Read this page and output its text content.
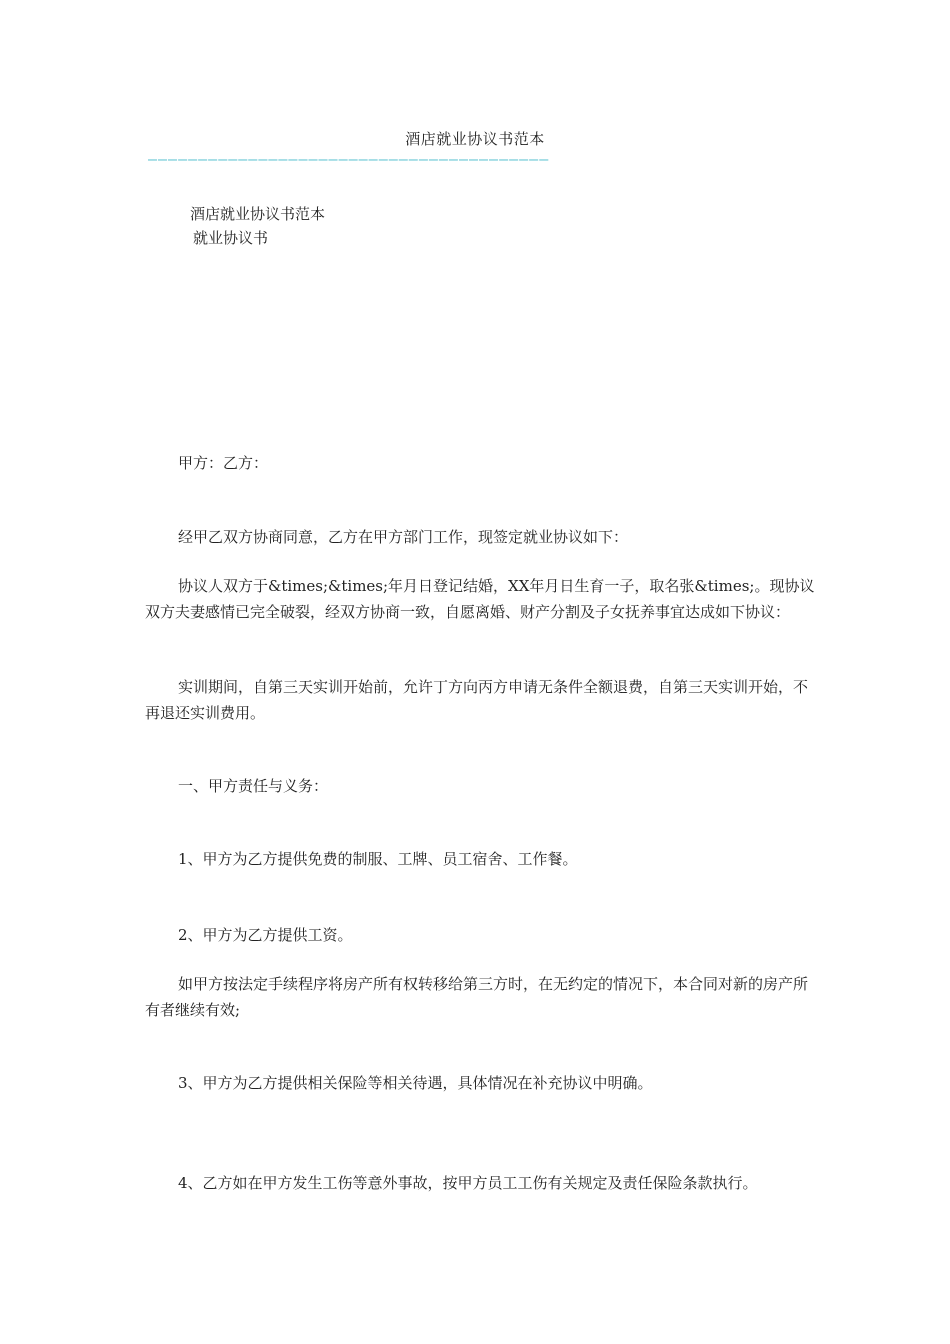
酒店就业协议书范本
————————————————————————————————————————

酒店就业协议书范本

就业协议书

甲方：乙方：

经甲乙双方协商同意，乙方在甲方部门工作，现签定就业协议如下：

协议人双方于&times;&times;年月日登记结婚，XX年月日生育一子，取名张&times;。现协议双方夫妻感情已完全破裂，经双方协商一致，自愿离婚、财产分割及子女抚养事宜达成如下协议：

实训期间，自第三天实训开始前，允许丁方向丙方申请无条件全额退费，自第三天实训开始，不再退还实训费用。

一、甲方责任与义务：

1、甲方为乙方提供免费的制服、工牌、员工宿舍、工作餐。

2、甲方为乙方提供工资。

如甲方按法定手续程序将房产所有权转移给第三方时，在无约定的情况下，本合同对新的房产所有者继续有效;

3、甲方为乙方提供相关保险等相关待遇，具体情况在补充协议中明确。

4、乙方如在甲方发生工伤等意外事故，按甲方员工工伤有关规定及责任保险条款执行。
